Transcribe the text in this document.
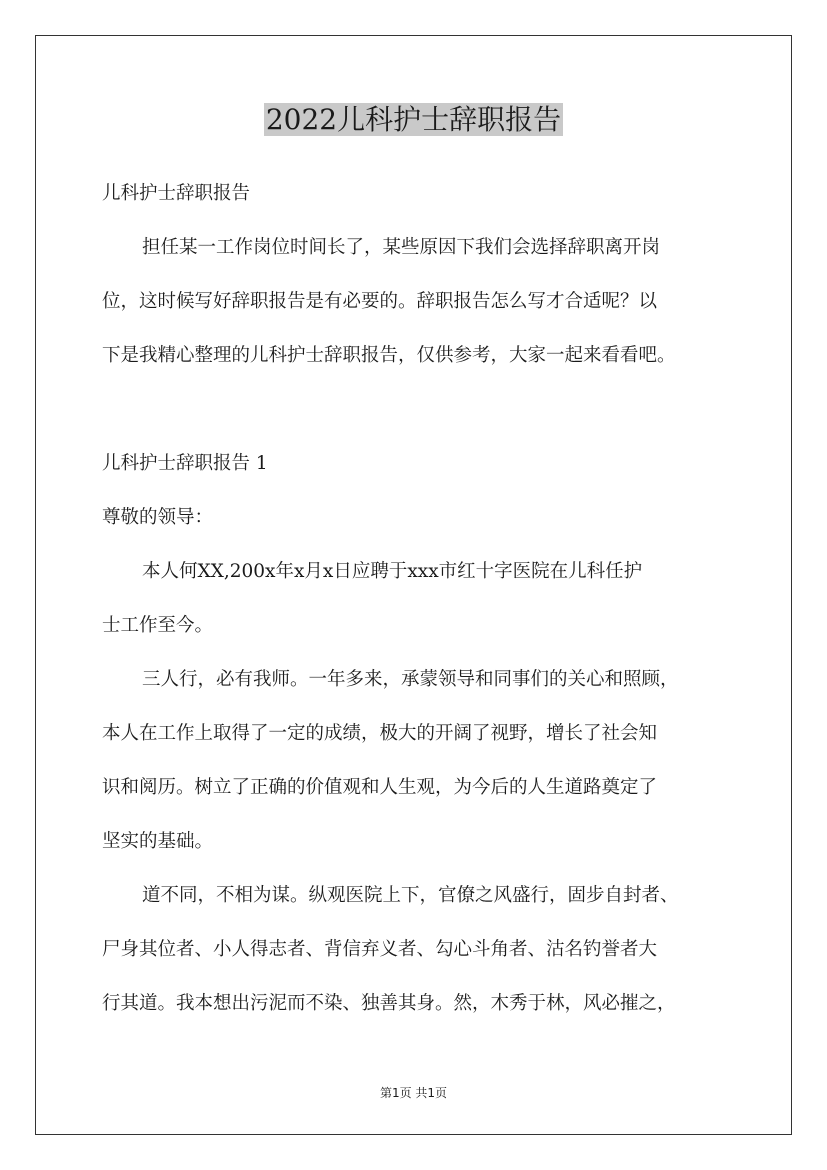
2022儿科护士辞职报告
儿科护士辞职报告
担任某一工作岗位时间长了，某些原因下我们会选择辞职离开岗
位，这时候写好辞职报告是有必要的。辞职报告怎么写才合适呢？以
下是我精心整理的儿科护士辞职报告，仅供参考，大家一起来看看吧。
儿科护士辞职报告 1
尊敬的领导：
本人何XX,200x年x月x日应聘于xxx市红十字医院在儿科任护
士工作至今。
三人行，必有我师。一年多来，承蒙领导和同事们的关心和照顾，
本人在工作上取得了一定的成绩，极大的开阔了视野，增长了社会知
识和阅历。树立了正确的价值观和人生观，为今后的人生道路奠定了
坚实的基础。
道不同，不相为谋。纵观医院上下，官僚之风盛行，固步自封者、
尸身其位者、小人得志者、背信弃义者、勾心斗角者、沽名钓誉者大
行其道。我本想出污泥而不染、独善其身。然，木秀于林，风必摧之，
第1页 共1页
